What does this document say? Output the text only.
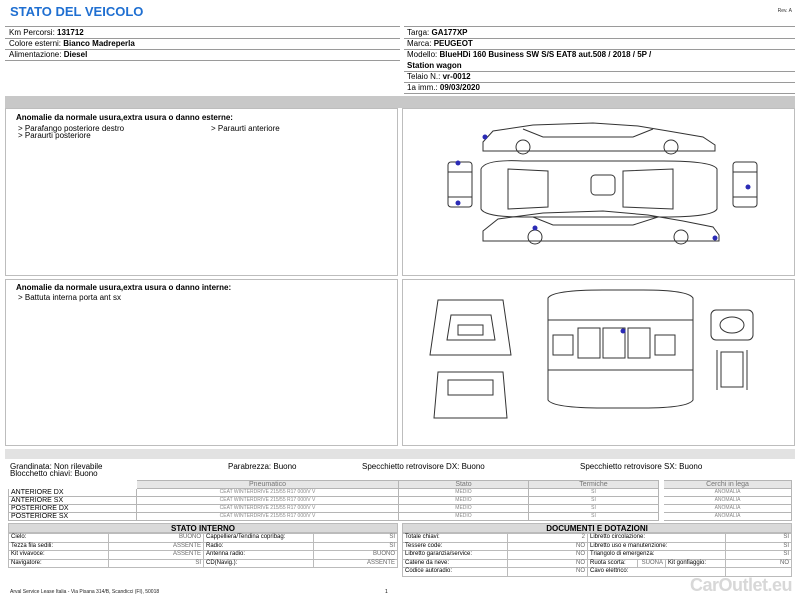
STATO DEL VEICOLO	Rev. A
Km Percorsi: 131712
Colore esterni: Bianco Madreperla
Alimentazione: Diesel
Targa: GA177XP
Marca: PEUGEOT
Modello: BlueHDi 160 Business SW S/S EAT8 aut.508 / 2018 / 5P /
Station wagon
Telaio N.: vr-0012
1a imm.: 09/03/2020
Anomalie da normale usura,extra usura o danno esterne:
> Parafango posteriore destro	> Paraurti anteriore
> Paraurti posteriore
Anomalie da normale usura,extra usura o danno interne:
> Battuta interna porta ant sx
Grandinata: Non rilevabile	Parabrezza: Buono	Specchietto retrovisore DX: Buono	Specchietto retrovisore SX: Buono
Blocchetto chiavi: Buono
	Pneumatico	Stato	Termiche		Cerchi in lega
ANTERIORE DX	CEAT WINTERDRIVE 215/55 R17 000/V V	MEDIO	SI		ANOMALIA
ANTERIORE SX	CEAT WINTERDRIVE 215/55 R17 000/V V	MEDIO	SI		ANOMALIA
POSTERIORE DX	CEAT WINTERDRIVE 215/55 R17 000/V V	MEDIO	SI		ANOMALIA
POSTERIORE SX	CEAT WINTERDRIVE 215/55 R17 000/V V	MEDIO	SI		ANOMALIA
STATO INTERNO
Cielo:	BUONO	Cappelliera/Tendina copribag:	SI
Tezza fila sedili:	ASSENTE	Radio:	SI
Kit vivavoce:	ASSENTE	Antenna radio:	BUONO
Navigatore:	SI	CD(Navig.):	ASSENTE
DOCUMENTI E DOTAZIONI
Totale chiavi:	2	Libretto circolazione:			SI
Tessere code:	NO	Libretto uso e manutenzione:			SI
Libretto garanzia/service:	NO	Triangolo di emergenza:			SI
Catene da neve:	NO	Ruota scorta:	SUONA	Kit gonfiaggio:	NO
Codice autoradio:	NO	Cavo elettrico:			
Arval Service Lease Italia - Via Pisana 314/B, Scandicci (FI), 50018	1	CarOutlet.eu
